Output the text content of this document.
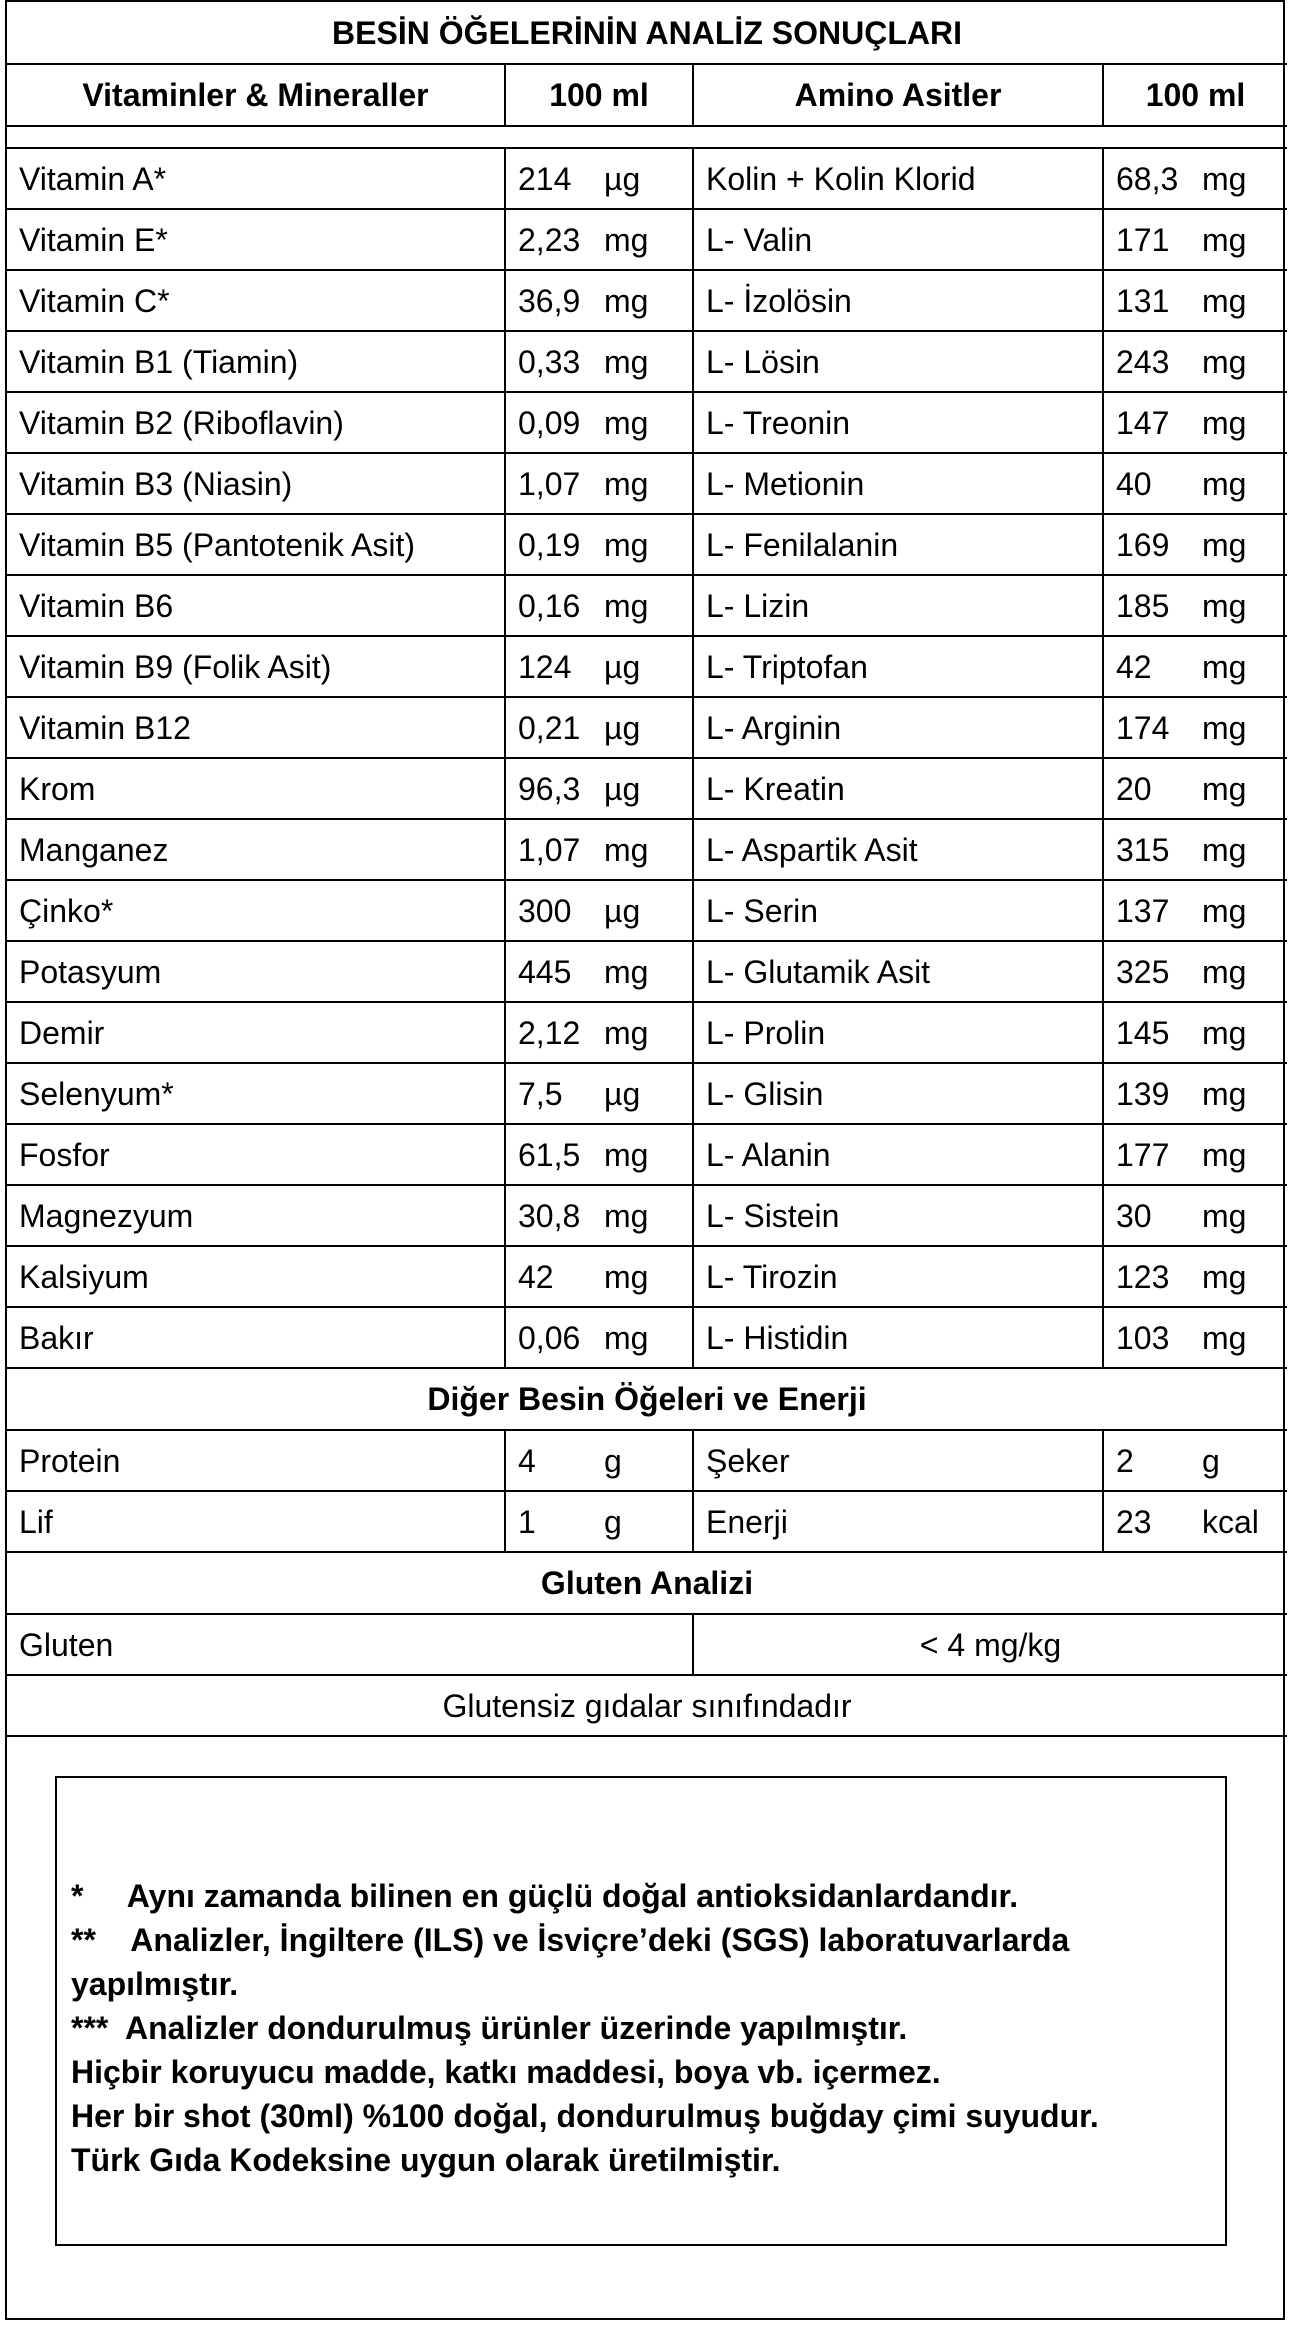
BESİN ÖĞELERİNİN ANALİZ SONUÇLARI			
Vitaminler & Mineraller	100 ml	Amino Asitler	100 ml

Vitamin A*	214 µg	Kolin + Kolin Klorid	68,3 mg
Vitamin E*	2,23 mg	L- Valin	171 mg
Vitamin C*	36,9 mg	L- İzolösin	131 mg
Vitamin B1 (Tiamin)	0,33 mg	L- Lösin	243 mg
Vitamin B2 (Riboflavin)	0,09 mg	L- Treonin	147 mg
Vitamin B3 (Niasin)	1,07 mg	L- Metionin	40 mg
Vitamin B5 (Pantotenik Asit)	0,19 mg	L- Fenilalanin	169 mg
Vitamin B6	0,16 mg	L- Lizin	185 mg
Vitamin B9 (Folik Asit)	124 µg	L- Triptofan	42 mg
Vitamin B12	0,21 µg	L- Arginin	174 mg
Krom	96,3 µg	L- Kreatin	20 mg
Manganez	1,07 mg	L- Aspartik Asit	315 mg
Çinko*	300 µg	L- Serin	137 mg
Potasyum	445 mg	L- Glutamik Asit	325 mg
Demir	2,12 mg	L- Prolin	145 mg
Selenyum*	7,5 µg	L- Glisin	139 mg
Fosfor	61,5 mg	L- Alanin	177 mg
Magnezyum	30,8 mg	L- Sistein	30 mg
Kalsiyum	42 mg	L- Tirozin	123 mg
Bakır	0,06 mg	L- Histidin	103 mg
Diğer Besin Öğeleri ve Enerji			
Protein	4 g	Şeker	2 g
Lif	1 g	Enerji	23 kcal
Gluten Analizi			
Gluten		< 4 mg/kg	
Glutensiz gıdalar sınıfındadır			
*     Aynı zamanda bilinen en güçlü doğal antioksidanlardandır.
**    Analizler, İngiltere (ILS) ve İsviçre’deki (SGS) laboratuvarlarda yapılmıştır.
***  Analizler dondurulmuş ürünler üzerinde yapılmıştır.
Hiçbir koruyucu madde, katkı maddesi, boya vb. içermez.
Her bir shot (30ml) %100 doğal, dondurulmuş buğday çimi suyudur.
Türk Gıda Kodeksine uygun olarak üretilmiştir.
